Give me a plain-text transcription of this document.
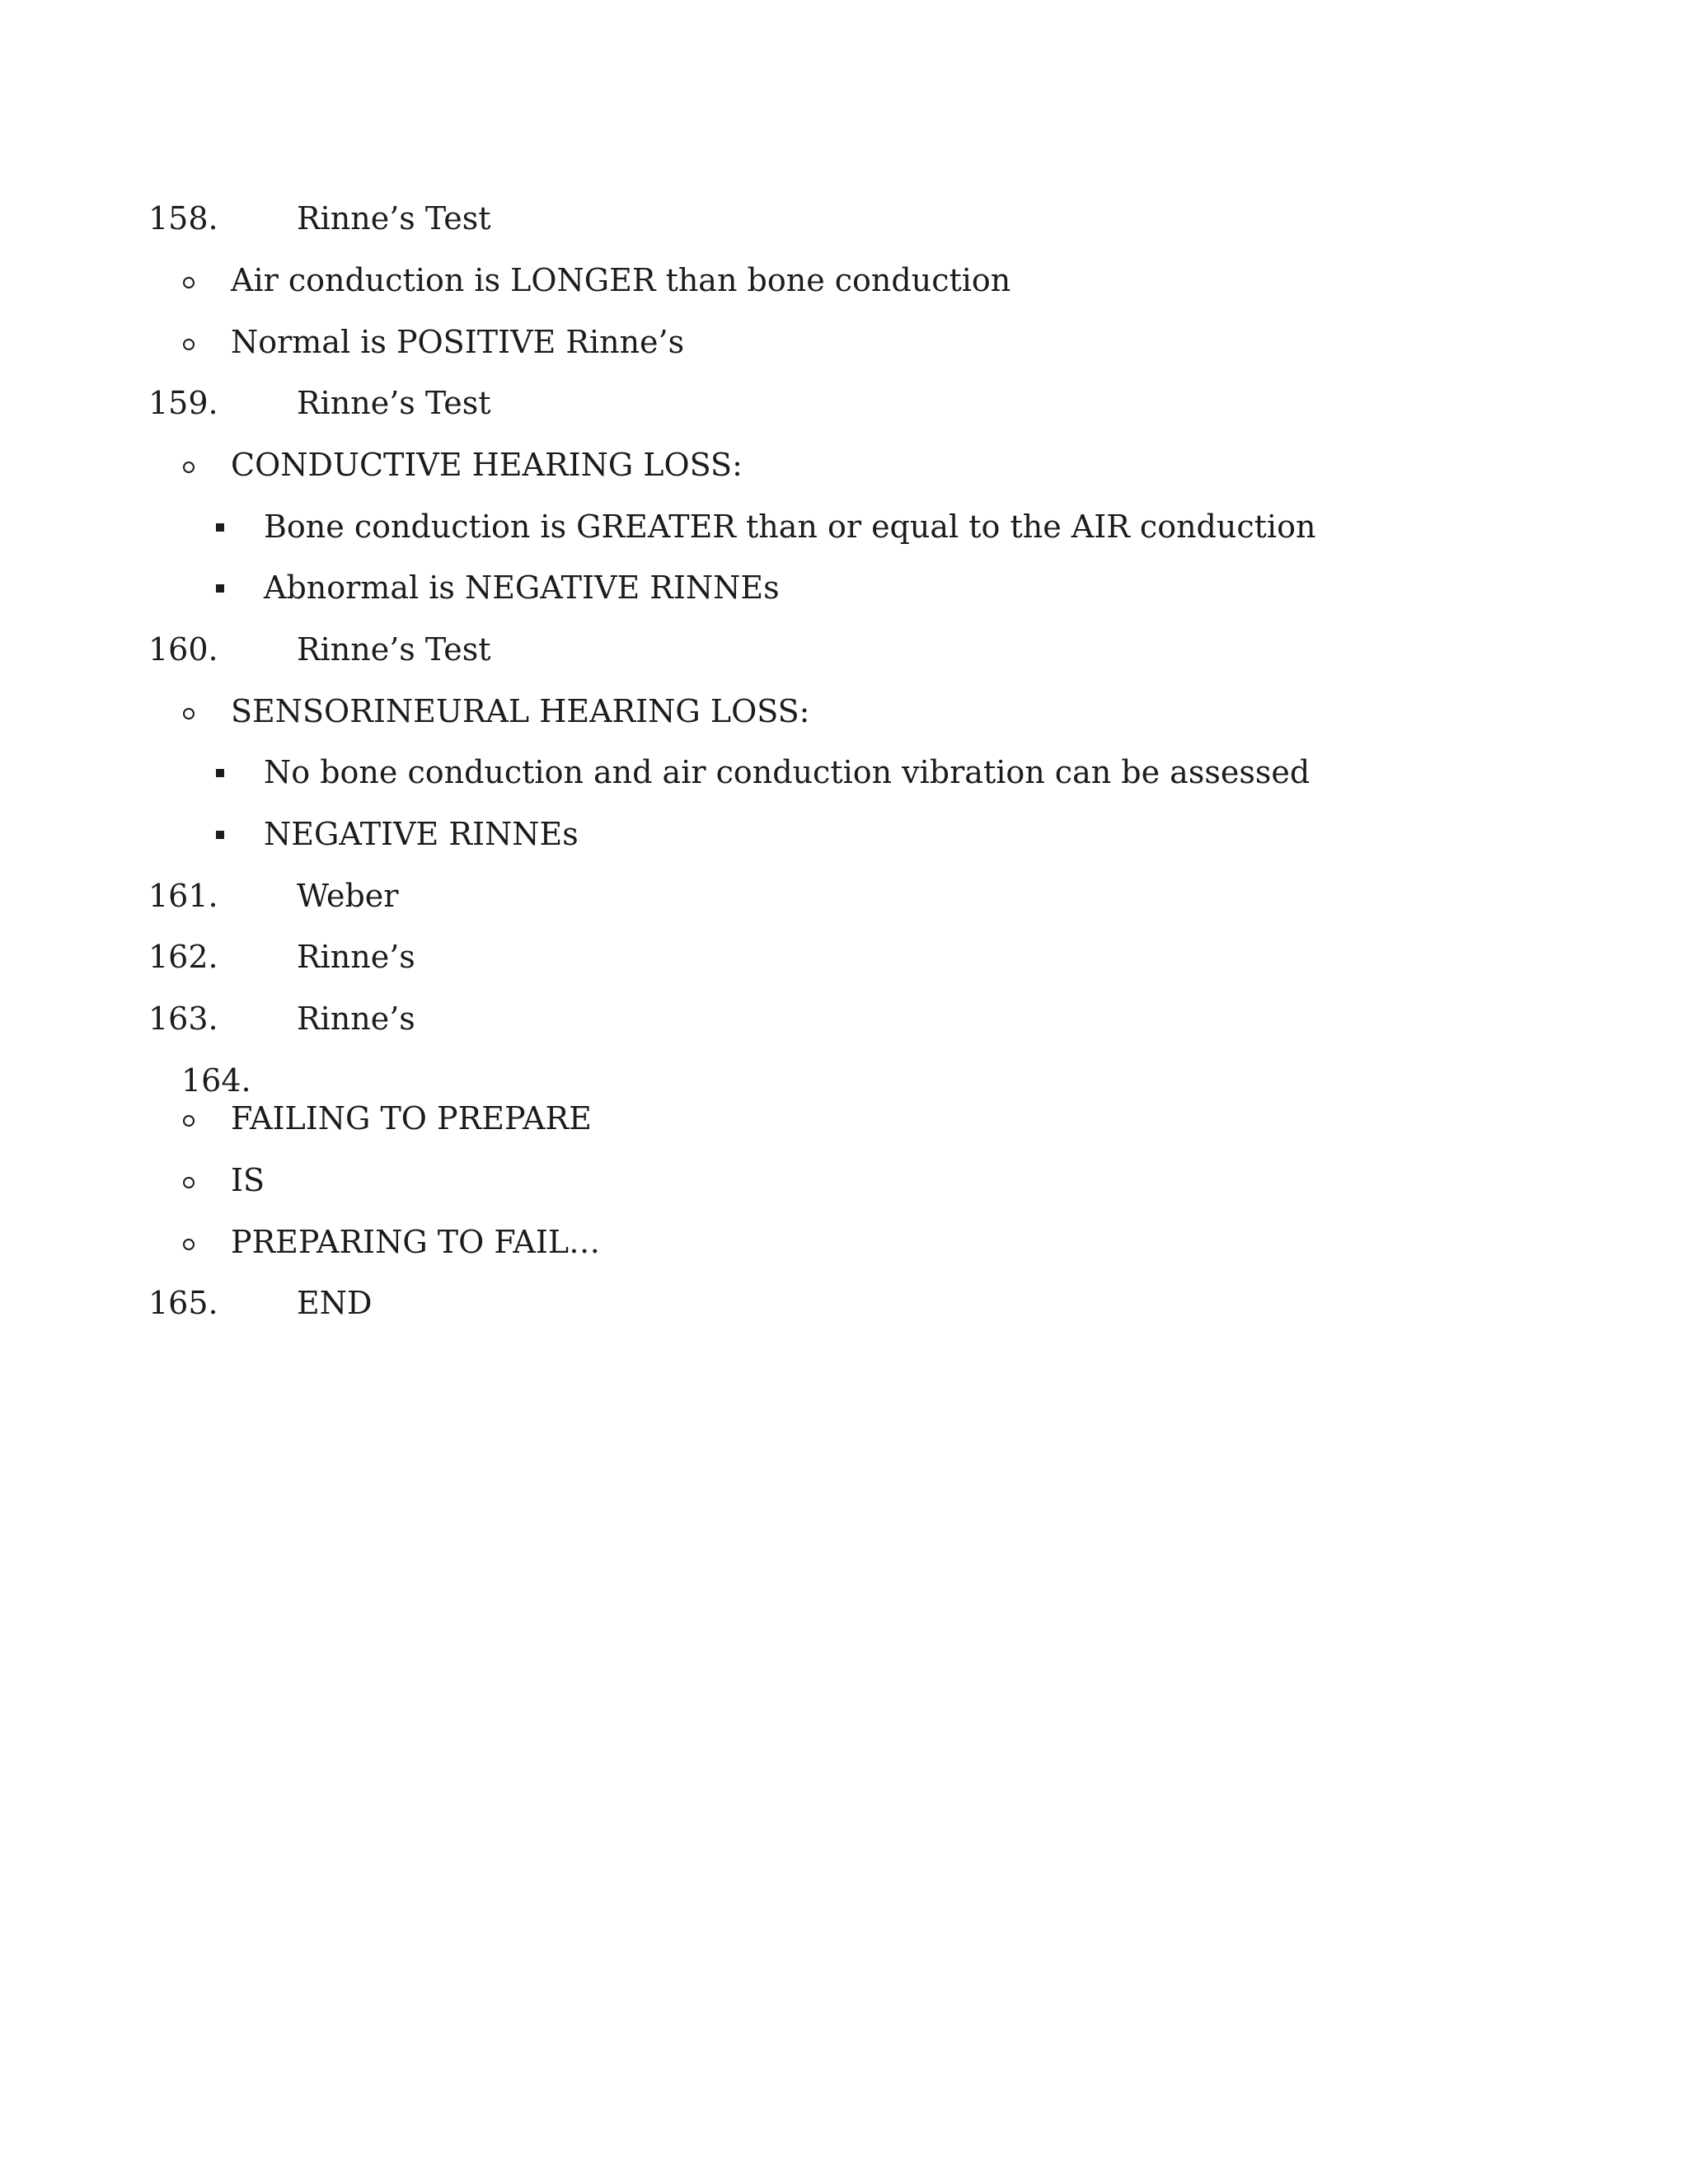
158.	Rinne’s Test
Air conduction is LONGER than bone conduction
Normal is POSITIVE Rinne’s
159.	Rinne’s Test
CONDUCTIVE HEARING LOSS:
Bone conduction is GREATER than or equal to the AIR conduction
Abnormal is NEGATIVE RINNEs
160.	Rinne’s Test
SENSORINEURAL HEARING LOSS:
No bone conduction and air conduction vibration can be assessed
NEGATIVE RINNEs
161.	Weber
162.	Rinne’s
163.	Rinne’s
164.
FAILING TO PREPARE
IS
PREPARING TO FAIL…
165.	END
